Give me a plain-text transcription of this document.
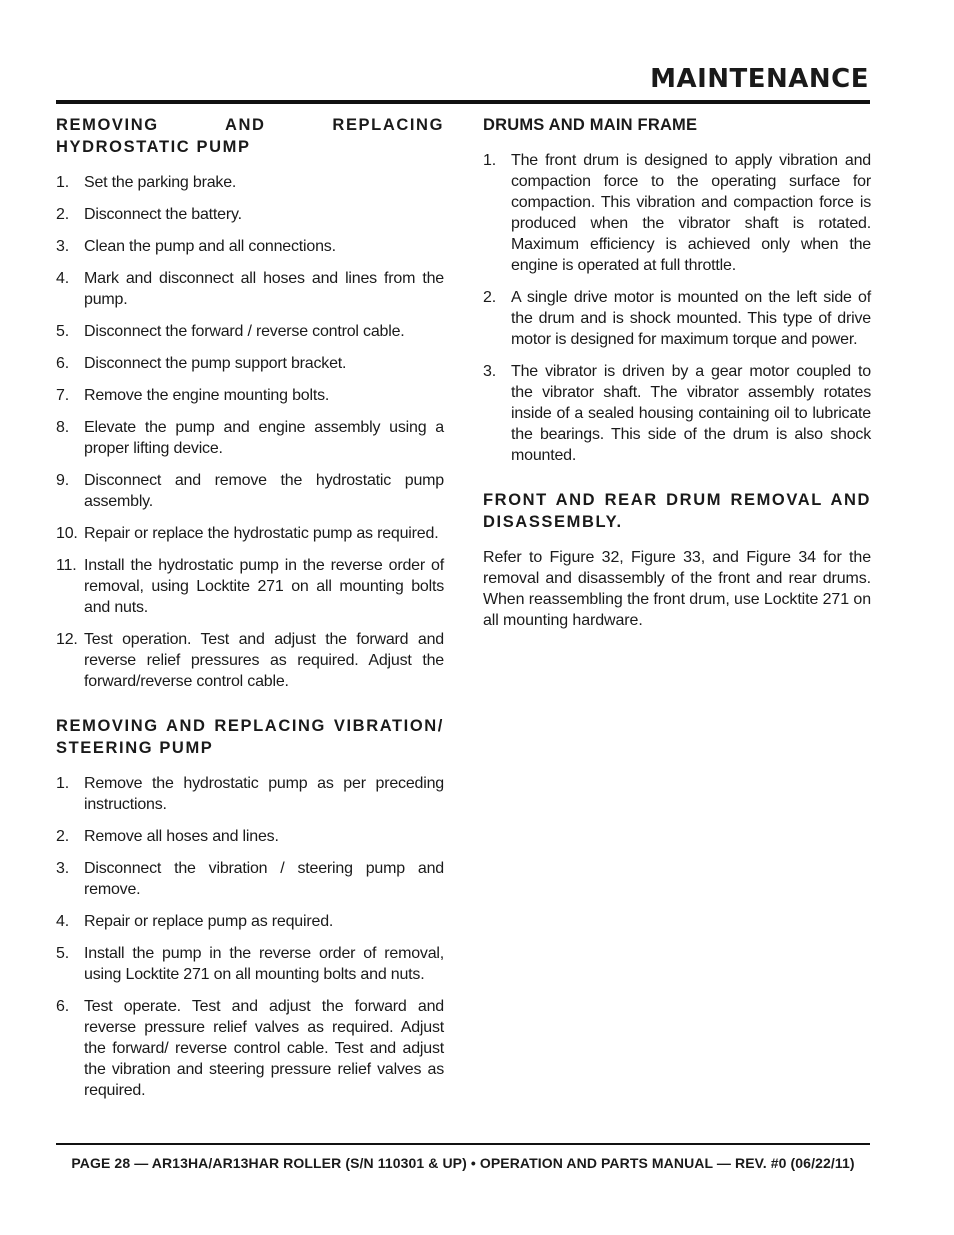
MAINTENANCE
REMOVING AND REPLACING HYDROSTATIC PUMP
1. Set the parking brake.
2. Disconnect the battery.
3. Clean the pump and all connections.
4. Mark and disconnect all hoses and lines from the pump.
5. Disconnect the forward / reverse control cable.
6. Disconnect the pump support bracket.
7. Remove the engine mounting bolts.
8. Elevate the pump and engine assembly using a proper lifting device.
9. Disconnect and remove the hydrostatic pump assembly.
10. Repair or replace the hydrostatic pump as required.
11. Install the hydrostatic pump in the reverse order of removal, using Locktite 271 on all mounting bolts and nuts.
12. Test operation. Test and adjust the forward and reverse relief pressures as required. Adjust the forward/reverse control cable.
REMOVING AND REPLACING VIBRATION/ STEERING PUMP
1. Remove the hydrostatic pump as per preceding instructions.
2. Remove all hoses and lines.
3. Disconnect the vibration / steering pump and remove.
4. Repair or replace pump as required.
5. Install the pump in the reverse order of removal, using Locktite 271 on all mounting bolts and nuts.
6. Test operate. Test and adjust the forward and reverse pressure relief valves as required. Adjust the forward/ reverse control cable. Test and adjust the vibration and steering pressure relief valves as required.
DRUMS AND MAIN FRAME
1. The front drum is designed to apply vibration and compaction force to the operating surface for compaction. This vibration and compaction force is produced when the vibrator shaft is rotated. Maximum efficiency is achieved only when the engine is operated at full throttle.
2. A single drive motor is mounted on the left side of the drum and is shock mounted. This type of drive motor is designed for maximum torque and power.
3. The vibrator is driven by a gear motor coupled to the vibrator shaft. The vibrator assembly rotates inside of a sealed housing containing oil to lubricate the bearings. This side of the drum is also shock mounted.
FRONT AND REAR DRUM REMOVAL AND DISASSEMBLY.

Refer to Figure 32, Figure 33, and Figure 34 for the removal and disassembly of the front and rear drums. When reassembling the front drum, use Locktite 271 on all mounting hardware.

PAGE 28 — AR13HA/AR13HAR ROLLER (S/N 110301 & UP) • OPERATION AND PARTS MANUAL — REV. #0 (06/22/11)
